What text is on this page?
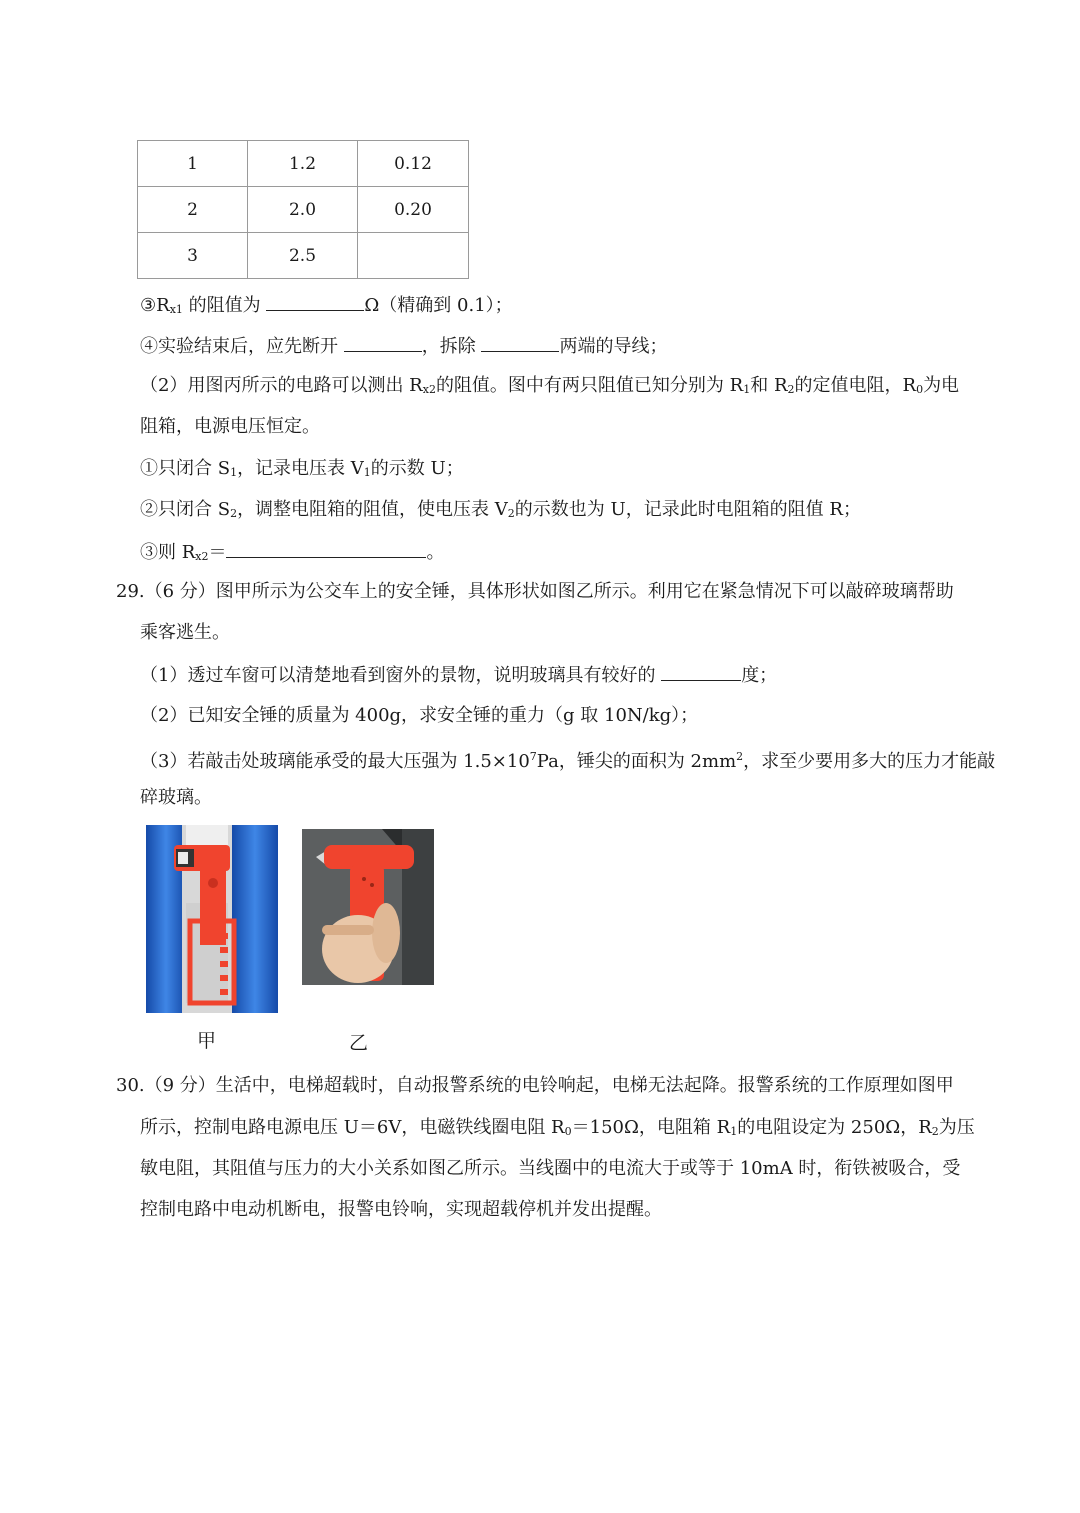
1	1.2	0.12
2	2.0	0.20
3	2.5	
$③R_{x1}$ 的阻值为	Ω（精确到 0.1）；
④实验结束后，应先断开	，拆除	两端的导线；
（2）用图丙所示的电路可以测出 $R_{x2}$的阻值。图中有两只阻值已知分别为 $R_1$和 $R_2$的定值电阻，$R_0$为电
阻箱，电源电压恒定。
①只闭合 $S_1$，记录电压表 $V_1$的示数 U；
②只闭合 $S_2$，调整电阻箱的阻值，使电压表 $V_2$的示数也为 U，记录此时电阻箱的阻值 R；
③则 $R_{x2}=$	。
29.（6 分）图甲所示为公交车上的安全锤，具体形状如图乙所示。利用它在紧急情况下可以敲碎玻璃帮助
乘客逃生。
（1）透过车窗可以清楚地看到窗外的景物，说明玻璃具有较好的	度；
（2）已知安全锤的质量为 400g，求安全锤的重力（g 取 10N/kg）；
（3）若敲击处玻璃能承受的最大压强为 $1.5\times 10^7Pa$，锤尖的面积为 $2mm^2$，求至少要用多大的压力才能敲
碎玻璃。
甲	乙
30.（9 分）生活中，电梯超载时，自动报警系统的电铃响起，电梯无法起降。报警系统的工作原理如图甲
所示，控制电路电源电压 U＝6V，电磁铁线圈电阻 $R_0=150\Omega$，电阻箱 $R_1$的电阻设定为 250Ω，$R_2$为压
敏电阻，其阻值与压力的大小关系如图乙所示。当线圈中的电流大于或等于 10mA 时，衔铁被吸合，受
控制电路中电动机断电，报警电铃响，实现超载停机并发出提醒。
